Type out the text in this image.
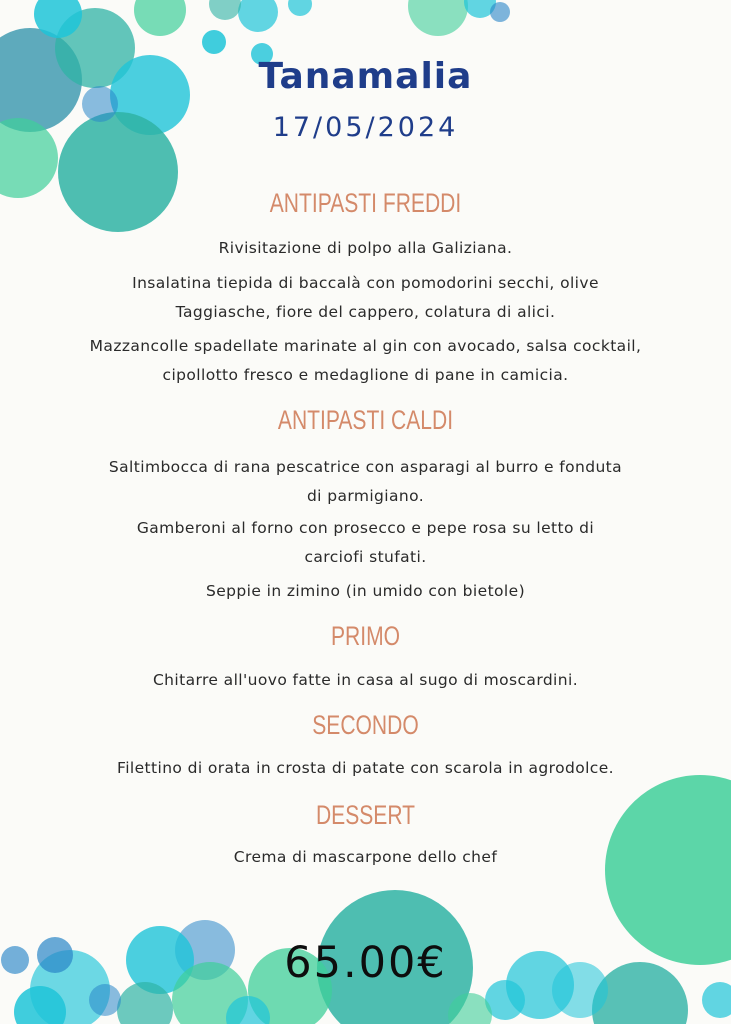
Tanamalia
17/05/2024
ANTIPASTI FREDDI
Rivisitazione di polpo alla Galiziana.
Insalatina tiepida di baccalà con pomodorini secchi, olive Taggiasche, fiore del cappero, colatura di alici.
Mazzancolle spadellate marinate al gin con avocado, salsa cocktail, cipollotto fresco e medaglione di pane in camicia.
ANTIPASTI CALDI
Saltimbocca di rana pescatrice con asparagi al burro e fonduta di parmigiano.
Gamberoni al forno con prosecco e pepe rosa su letto di carciofi stufati.
Seppie in zimino (in umido con bietole)
PRIMO
Chitarre all'uovo fatte in casa al sugo di moscardini.
SECONDO
Filettino di orata in crosta di patate con scarola in agrodolce.
DESSERT
Crema di mascarpone dello chef
65.00€
